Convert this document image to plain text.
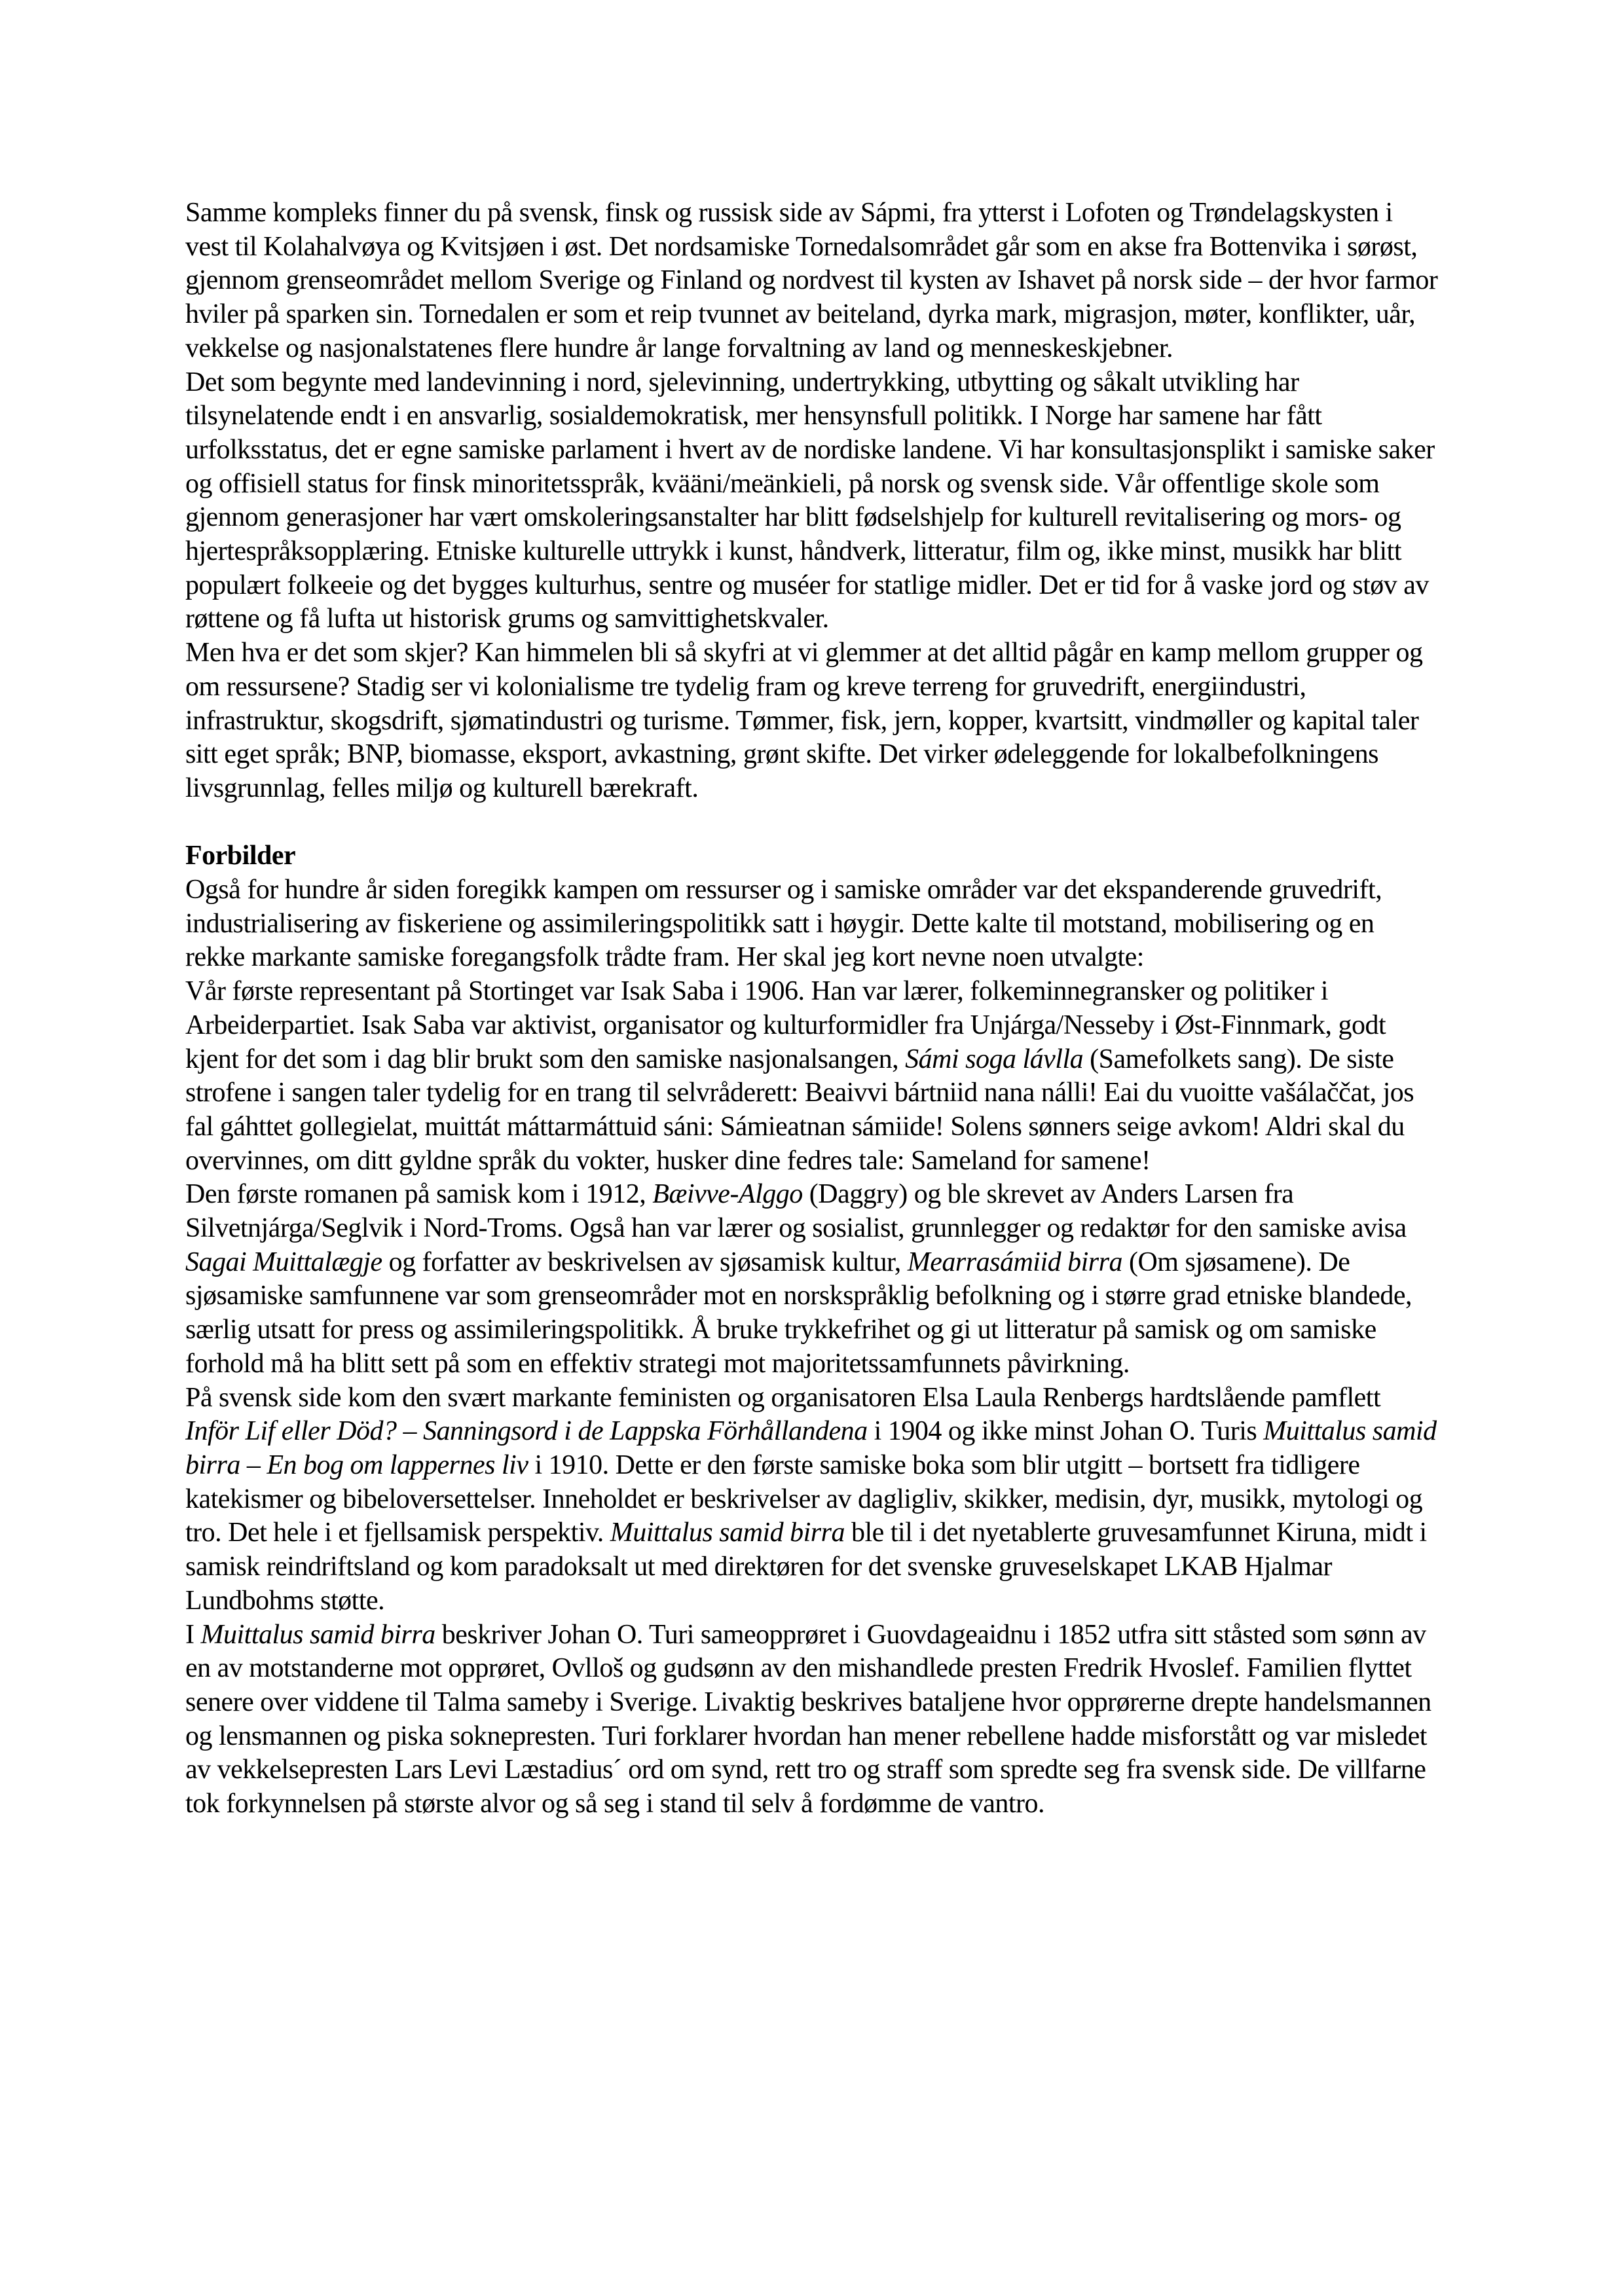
Samme kompleks finner du på svensk, finsk og russisk side av Sápmi, fra ytterst i Lofoten og Trøndelagskysten i vest til Kolahalvøya og Kvitsjøen i øst. Det nordsamiske Tornedalsområdet går som en akse fra Bottenvika i sørøst, gjennom grenseområdet mellom Sverige og Finland og nordvest til kysten av Ishavet på norsk side – der hvor farmor hviler på sparken sin. Tornedalen er som et reip tvunnet av beiteland, dyrka mark, migrasjon, møter, konflikter, uår, vekkelse og nasjonalstatenes flere hundre år lange forvaltning av land og menneskeskjebner.

Det som begynte med landevinning i nord, sjelevinning, undertrykking, utbytting og såkalt utvikling har tilsynelatende endt i en ansvarlig, sosialdemokratisk, mer hensynsfull politikk. I Norge har samene har fått urfolksstatus, det er egne samiske parlament i hvert av de nordiske landene. Vi har konsultasjonsplikt i samiske saker og offisiell status for finsk minoritetsspråk, kvääni/meänkieli, på norsk og svensk side. Vår offentlige skole som gjennom generasjoner har vært omskoleringsanstalter har blitt fødselshjelp for kulturell revitalisering og mors- og hjertespråksopplæring. Etniske kulturelle uttrykk i kunst, håndverk, litteratur, film og, ikke minst, musikk har blitt populært folkeeie og det bygges kulturhus, sentre og muséer for statlige midler. Det er tid for å vaske jord og støv av røttene og få lufta ut historisk grums og samvittighetskvaler.

Men hva er det som skjer? Kan himmelen bli så skyfri at vi glemmer at det alltid pågår en kamp mellom grupper og om ressursene? Stadig ser vi kolonialisme tre tydelig fram og kreve terreng for gruvedrift, energiindustri, infrastruktur, skogsdrift, sjømatindustri og turisme. Tømmer, fisk, jern, kopper, kvartsitt, vindmøller og kapital taler sitt eget språk; BNP, biomasse, eksport, avkastning, grønt skifte. Det virker ødeleggende for lokalbefolkningens livsgrunnlag, felles miljø og kulturell bærekraft.

Forbilder

Også for hundre år siden foregikk kampen om ressurser og i samiske områder var det ekspanderende gruvedrift, industrialisering av fiskeriene og assimileringspolitikk satt i høygir. Dette kalte til motstand, mobilisering og en rekke markante samiske foregangsfolk trådte fram. Her skal jeg kort nevne noen utvalgte:

Vår første representant på Stortinget var Isak Saba i 1906. Han var lærer, folkeminnegransker og politiker i Arbeiderpartiet. Isak Saba var aktivist, organisator og kulturformidler fra Unjárga/Nesseby i Øst-Finnmark, godt kjent for det som i dag blir brukt som den samiske nasjonalsangen, Sámi soga lávlla (Samefolkets sang). De siste strofene i sangen taler tydelig for en trang til selvråderett: Beaivvi bártniid nana nálli! Eai du vuoitte vašálaččat, jos fal gáhttet gollegielat, muittát máttarmáttuid sáni: Sámieatnan sámiide! Solens sønners seige avkom! Aldri skal du overvinnes, om ditt gyldne språk du vokter, husker dine fedres tale: Sameland for samene!

Den første romanen på samisk kom i 1912, Bæivve-Alggo (Daggry) og ble skrevet av Anders Larsen fra Silvetnjárga/Seglvik i Nord-Troms. Også han var lærer og sosialist, grunnlegger og redaktør for den samiske avisa Sagai Muittalægje og forfatter av beskrivelsen av sjøsamisk kultur, Mearrasámiid birra (Om sjøsamene). De sjøsamiske samfunnene var som grenseområder mot en norskspråklig befolkning og i større grad etniske blandede, særlig utsatt for press og assimileringspolitikk. Å bruke trykkefrihet og gi ut litteratur på samisk og om samiske forhold må ha blitt sett på som en effektiv strategi mot majoritetssamfunnets påvirkning.

På svensk side kom den svært markante feministen og organisatoren Elsa Laula Renbergs hardtslående pamflett Inför Lif eller Död? – Sanningsord i de Lappska Förhållandena i 1904 og ikke minst Johan O. Turis Muittalus samid birra – En bog om lappernes liv i 1910. Dette er den første samiske boka som blir utgitt – bortsett fra tidligere katekismer og bibeloversettelser. Inneholdet er beskrivelser av dagligliv, skikker, medisin, dyr, musikk, mytologi og tro. Det hele i et fjellsamisk perspektiv. Muittalus samid birra ble til i det nyetablerte gruvesamfunnet Kiruna, midt i samisk reindriftsland og kom paradoksalt ut med direktøren for det svenske gruveselskapet LKAB Hjalmar Lundbohms støtte.

I Muittalus samid birra beskriver Johan O. Turi sameopprøret i Guovdageaidnu i 1852 utfra sitt ståsted som sønn av en av motstanderne mot opprøret, Ovlloš og gudsønn av den mishandlede presten Fredrik Hvoslef. Familien flyttet senere over viddene til Talma sameby i Sverige. Livaktig beskrives bataljene hvor opprørerne drepte handelsmannen og lensmannen og piska soknepresten. Turi forklarer hvordan han mener rebellene hadde misforstått og var misledet av vekkelsepresten Lars Levi Læstadius´ ord om synd, rett tro og straff som spredte seg fra svensk side. De villfarne tok forkynnelsen på største alvor og så seg i stand til selv å fordømme de vantro.
